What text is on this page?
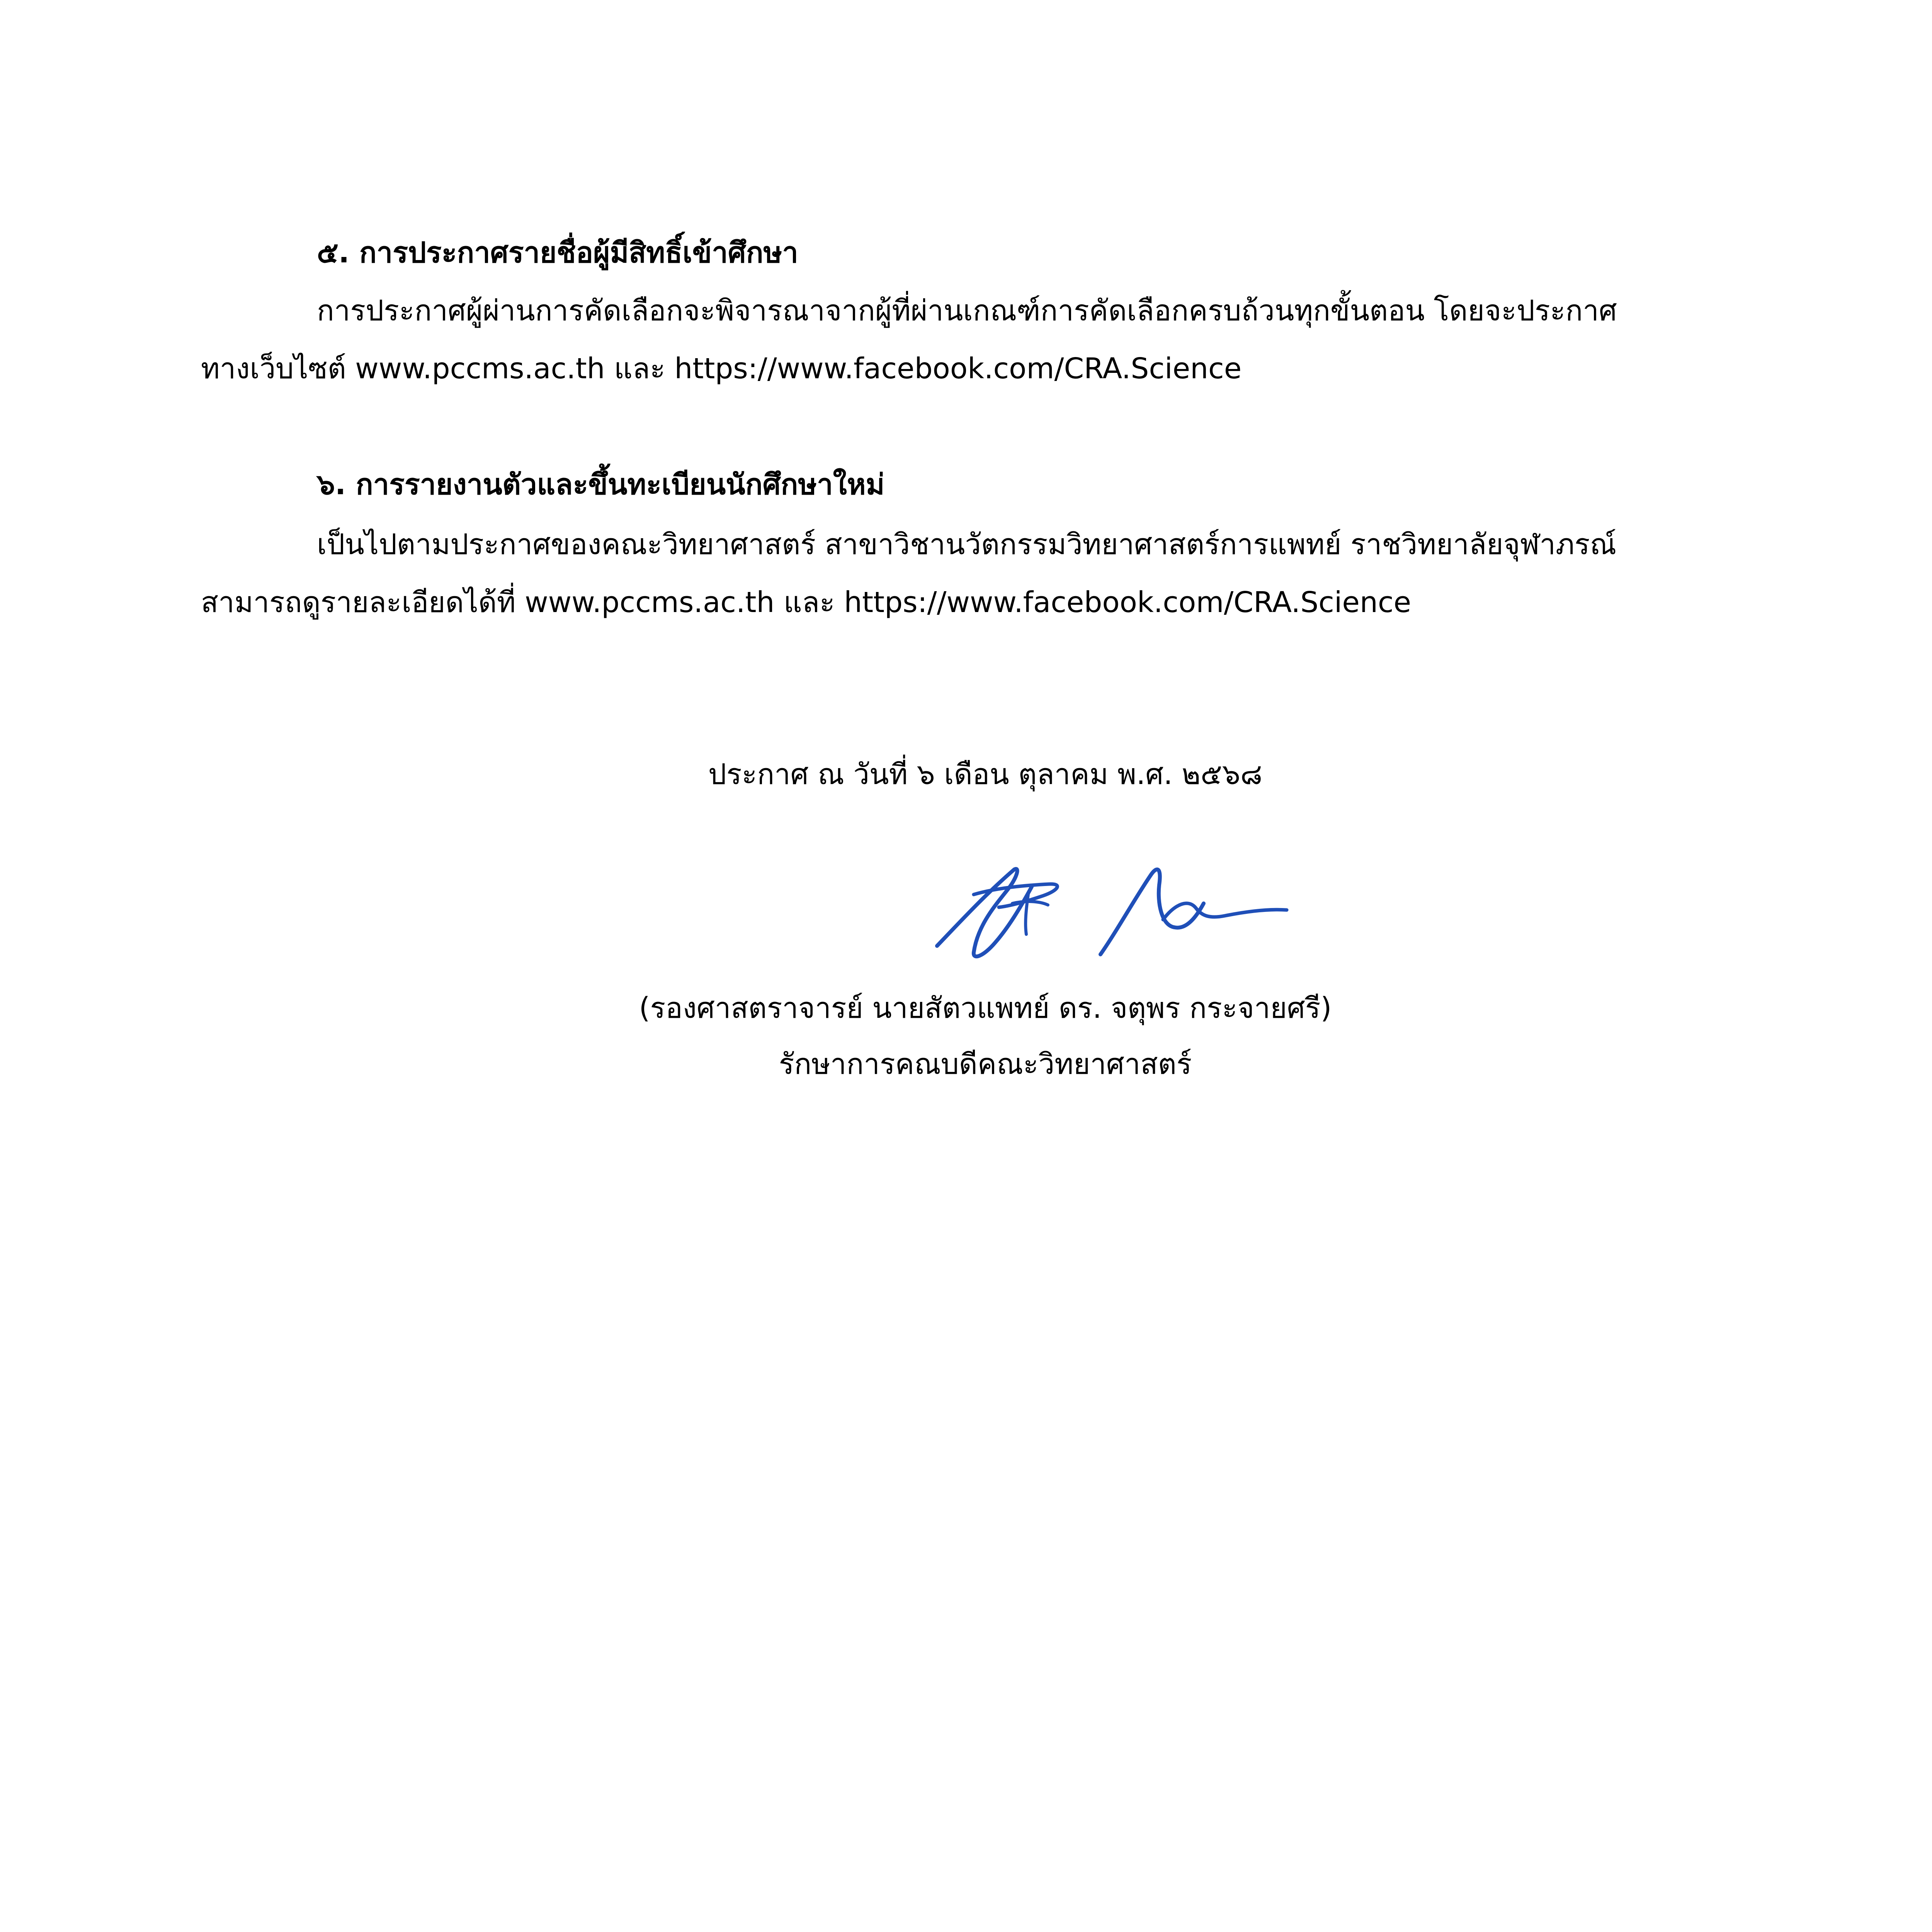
๕. การประกาศรายชื่อผู้มีสิทธิ์เข้าศึกษา
การประกาศผู้ผ่านการคัดเลือกจะพิจารณาจากผู้ที่ผ่านเกณฑ์การคัดเลือกครบถ้วนทุกขั้นตอน โดยจะประกาศ
ทางเว็บไซต์ www.pccms.ac.th และ https://www.facebook.com/CRA.Science
๖. การรายงานตัวและขึ้นทะเบียนนักศึกษาใหม่
เป็นไปตามประกาศของคณะวิทยาศาสตร์ สาขาวิชานวัตกรรมวิทยาศาสตร์การแพทย์ ราชวิทยาลัยจุฬาภรณ์
สามารถดูรายละเอียดได้ที่ www.pccms.ac.th และ https://www.facebook.com/CRA.Science
ประกาศ ณ วันที่ ๖ เดือน ตุลาคม พ.ศ. ๒๕๖๘
(รองศาสตราจารย์ นายสัตวแพทย์ ดร. จตุพร กระจายศรี)
รักษาการคณบดีคณะวิทยาศาสตร์
